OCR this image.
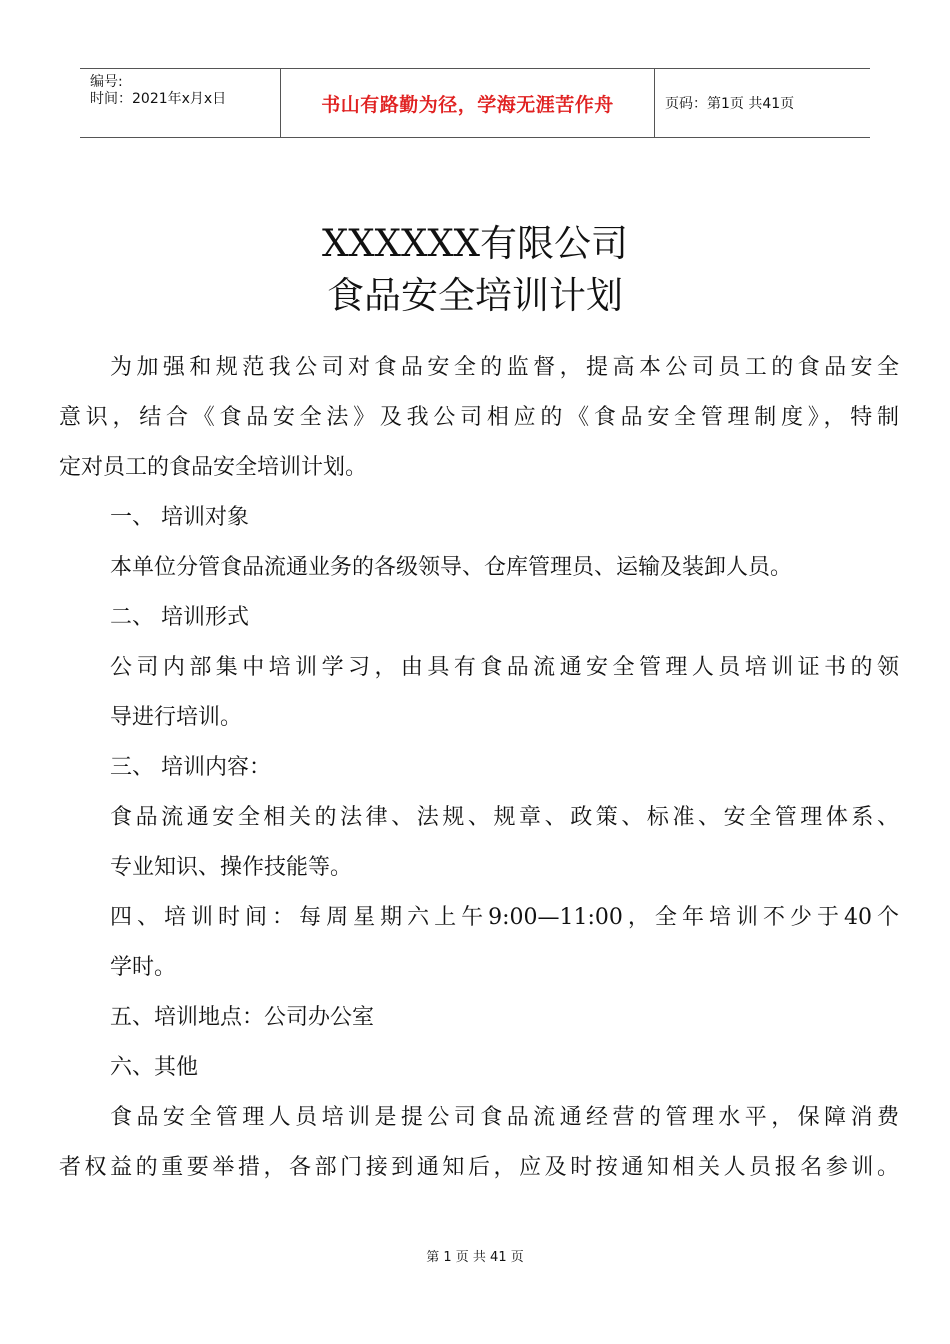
编号:
时间：2021年x月x日	书山有路勤为径，学海无涯苦作舟	页码：第1页 共41页
XXXXXX有限公司
食品安全培训计划
为加强和规范我公司对食品安全的监督，提高本公司员工的食品安全
意识，结合《食品安全法》及我公司相应的《食品安全管理制度》，特制
定对员工的食品安全培训计划。
一、 培训对象
本单位分管食品流通业务的各级领导、仓库管理员、运输及装卸人员。
二、 培训形式
公司内部集中培训学习，由具有食品流通安全管理人员培训证书的领
导进行培训。
三、 培训内容：
食品流通安全相关的法律、法规、规章、政策、标准、安全管理体系、
专业知识、操作技能等。
四、培训时间：每周星期六上午9:00—11:00，全年培训不少于40个
学时。
五、培训地点：公司办公室
六、其他
食品安全管理人员培训是提公司食品流通经营的管理水平，保障消费
者权益的重要举措，各部门接到通知后，应及时按通知相关人员报名参训。
第 1 页 共 41 页
